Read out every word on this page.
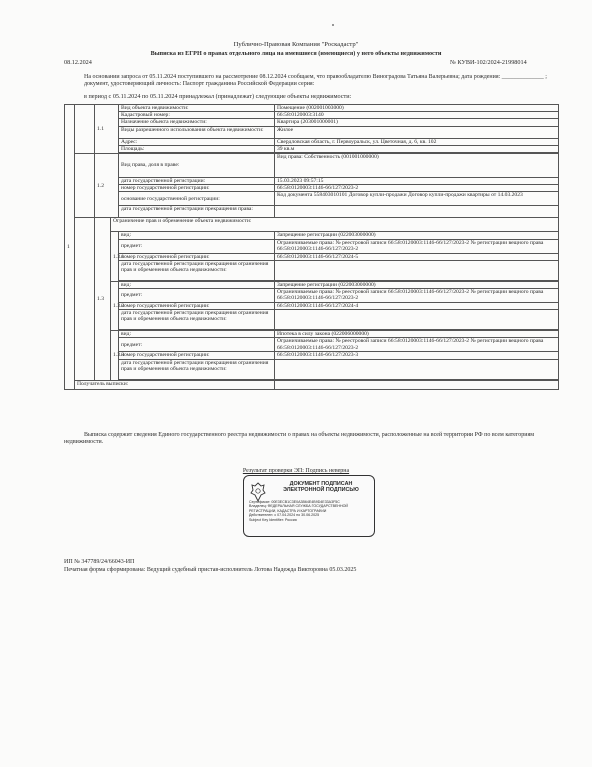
Публично-Правовая Компания "Роскадастр"
Выписка из ЕГРН о правах отдельного лица на имевшиеся (имеющиеся) у него объекты недвижимости
08.12.2024	№ КУВИ-102/2024-21998014
На основании запроса от 05.11.2024 поступившего на рассмотрение 08.12.2024 сообщаем, что правообладателю Виноградова Татьяна Валерьевна; дата рождения: ______________ ; документ, удостоверяющий личность: Паспорт гражданина Российской Федерации серия:
в период с 05.11.2024 по 05.11.2024 принадлежал (принадлежат) следующие объекты недвижимости:
1		1.1		Вид объекта недвижимости:	Помещение (002001003000)
				Кадастровый номер:	66:58:0120003:3140
				Назначение объекта недвижимости:	Квартира (203001000001)
				Виды разрешенного использования объекта недвижимости:	Жилое
				Адрес:	Свердловская область, г. Первоуральск, ул. Цветочная, д. 6, кв. 102
				Площадь:	39 кв.м

		1.2		Вид права, доля в праве:	Вид права: Собственность (001001000000)
				дата государственной регистрации:	15.03.2023 09:57:15
				номер государственной регистрации:	66:58:0120003:1146-66/127/2023-2
				основание государственной регистрации:	Код документа 558403010101 Договор купли-продажи Договор купли-продажи квартиры от 14.03.2023
				дата государственной регистрации прекращения права:	
		1.3	Ограничение прав и обременение объекта недвижимости:		
			1.3.1	вид:	Запрещение регистрации (022003000000)
				предмет:	Ограничиваемые права: № реестровой записи 66:58:0120003:1146-66/127/2023-2 № регистрации вещного права 66:58:0120003:1146-66/127/2023-2
				номер государственной регистрации:	66:58:0120003:1146-66/127/2024-5
				дата государственной регистрации прекращения ограничения прав и обременения объекта недвижимости:	

			1.3.2	вид:	Запрещение регистрации (022003000000)
				предмет:	Ограничиваемые права: № реестровой записи 66:58:0120003:1146-66/127/2023-2 № регистрации вещного права 66:58:0120003:1146-66/127/2023-2
				номер государственной регистрации:	66:58:0120003:1146-66/127/2024-4
				дата государственной регистрации прекращения ограничения прав и обременения объекта недвижимости:	

			1.3.3	вид:	Ипотека в силу закона (022006000000)
				предмет:	Ограничиваемые права: № реестровой записи 66:58:0120003:1146-66/127/2023-2 № регистрации вещного права 66:58:0120003:1146-66/127/2023-2
				номер государственной регистрации:	66:58:0120003:1146-66/127/2023-3
				дата государственной регистрации прекращения ограничения прав и обременения объекта недвижимости:	

	Получатель выписки:				
Выписка содержит сведения Единого государственного реестра недвижимости о правах на объекты недвижимости, расположенные на всей территории РФ по всем категориям недвижимости.
Результат проверки ЭП: Подпись неверна
ДОКУМЕНТ ПОДПИСАН ЭЛЕКТРОННОЙ ПОДПИСЬЮ
Сертификат: 00E3ECB1C3E0A3B64E4B9D4E33A3F5C
Владелец: ФЕДЕРАЛЬНАЯ СЛУЖБА ГОСУДАРСТВЕННОЙ
РЕГИСТРАЦИИ, КАДАСТРА И КАРТОГРАФИИ
Действителен: с 07.04.2024 по 30.06.2025
Subject Key Identifier: Россия
ИП № 347789/24/66043-ИП
Печатная форма сформирована: Ведущий судебный пристав-исполнитель Лотова Надежда Викторовна 05.03.2025
